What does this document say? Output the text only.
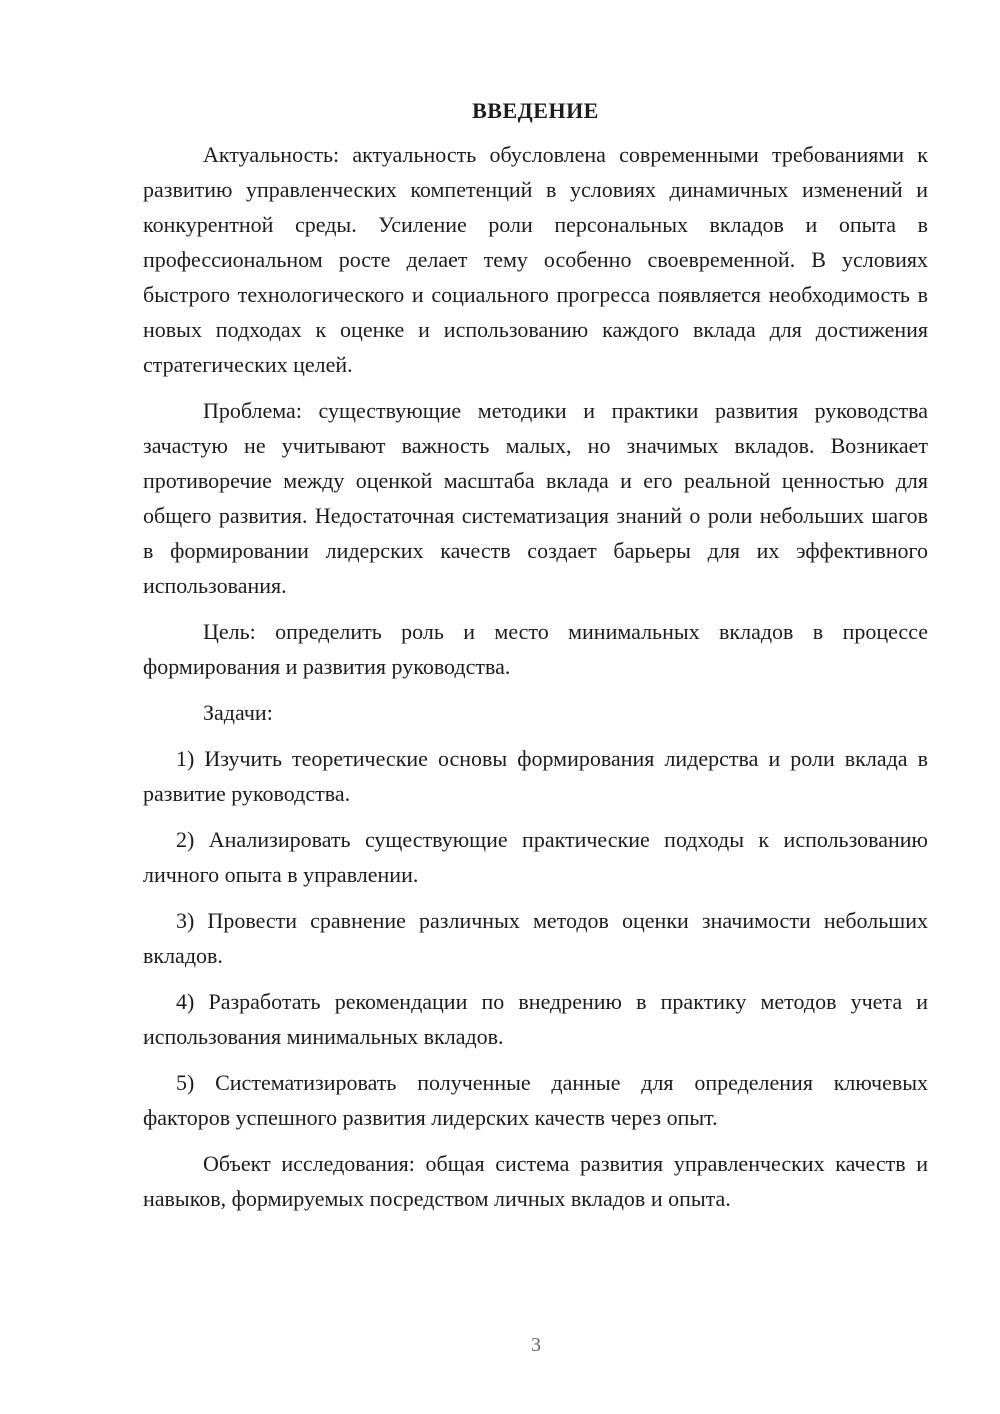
ВВЕДЕНИЕ

Актуальность: актуальность обусловлена современными требованиями к развитию управленческих компетенций в условиях динамичных изменений и конкурентной среды. Усиление роли персональных вкладов и опыта в профессиональном росте делает тему особенно своевременной. В условиях быстрого технологического и социального прогресса появляется необходимость в новых подходах к оценке и использованию каждого вклада для достижения стратегических целей.

Проблема: существующие методики и практики развития руководства зачастую не учитывают важность малых, но значимых вкладов. Возникает противоречие между оценкой масштаба вклада и его реальной ценностью для общего развития. Недостаточная систематизация знаний о роли небольших шагов в формировании лидерских качеств создает барьеры для их эффективного использования.

Цель: определить роль и место минимальных вкладов в процессе формирования и развития руководства.

Задачи:

1) Изучить теоретические основы формирования лидерства и роли вклада в развитие руководства.

2) Анализировать существующие практические подходы к использованию личного опыта в управлении.

3) Провести сравнение различных методов оценки значимости небольших вкладов.

4) Разработать рекомендации по внедрению в практику методов учета и использования минимальных вкладов.

5) Систематизировать полученные данные для определения ключевых факторов успешного развития лидерских качеств через опыт.

Объект исследования: общая система развития управленческих качеств и навыков, формируемых посредством личных вкладов и опыта.

3
